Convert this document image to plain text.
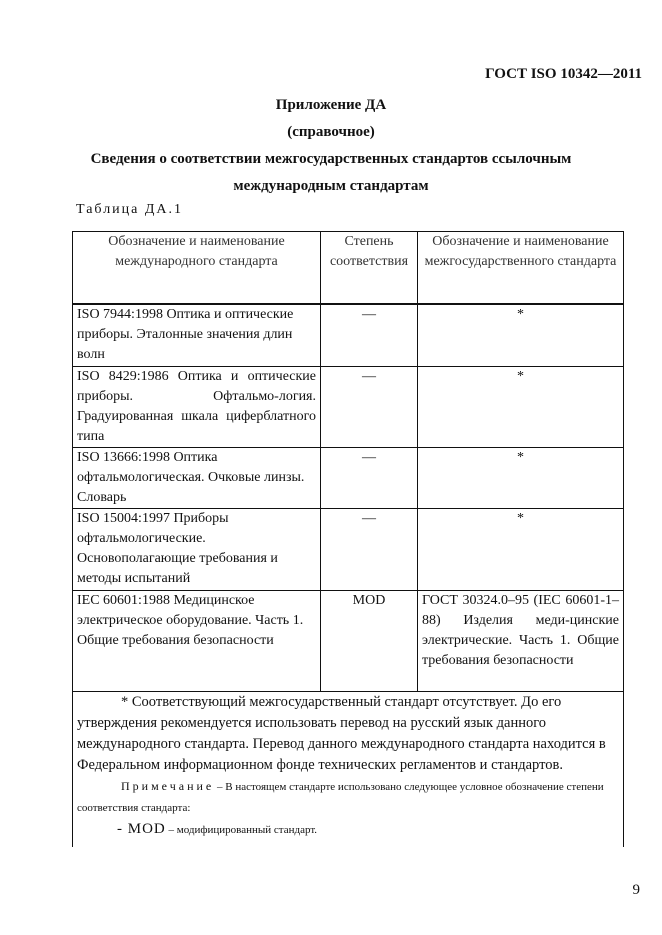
ГОСТ ISO 10342—2011
Приложение ДА
(справочное)
Сведения о соответствии межгосударственных стандартов ссылочным
международным стандартам
Таблица ДА.1
Обозначение и наименование международного стандарта	Степень соответствия	Обозначение и наименование межгосударственного стандарта
ISO 7944:1998 Оптика и оптические приборы. Эталонные значения длин волн	—	*
ISO 8429:1986 Оптика и оптические приборы. Офтальмо-логия. Градуированная шкала циферблатного типа	—	*
ISO 13666:1998 Оптика офтальмологическая. Очковые линзы. Словарь	—	*
ISO 15004:1997 Приборы офтальмологические. Основополагающие требования и методы испытаний	—	*
IEC 60601:1988 Медицинское электрическое оборудование. Часть 1. Общие требования безопасности	MOD	ГОСТ 30324.0–95 (IEC 60601-1–88) Изделия меди-цинские электрические. Часть 1. Общие требования безопасности

* Соответствующий межгосударственный стандарт отсутствует. До его утверждения рекомендуется использовать перевод на русский язык данного международного стандарта. Перевод данного международного стандарта находится в Федеральном информационном фонде технических регламентов и стандартов.

Примечание – В настоящем стандарте использовано следующее условное обозначение степени соответствия стандарта:

- MOD – модифицированный стандарт.		

9
